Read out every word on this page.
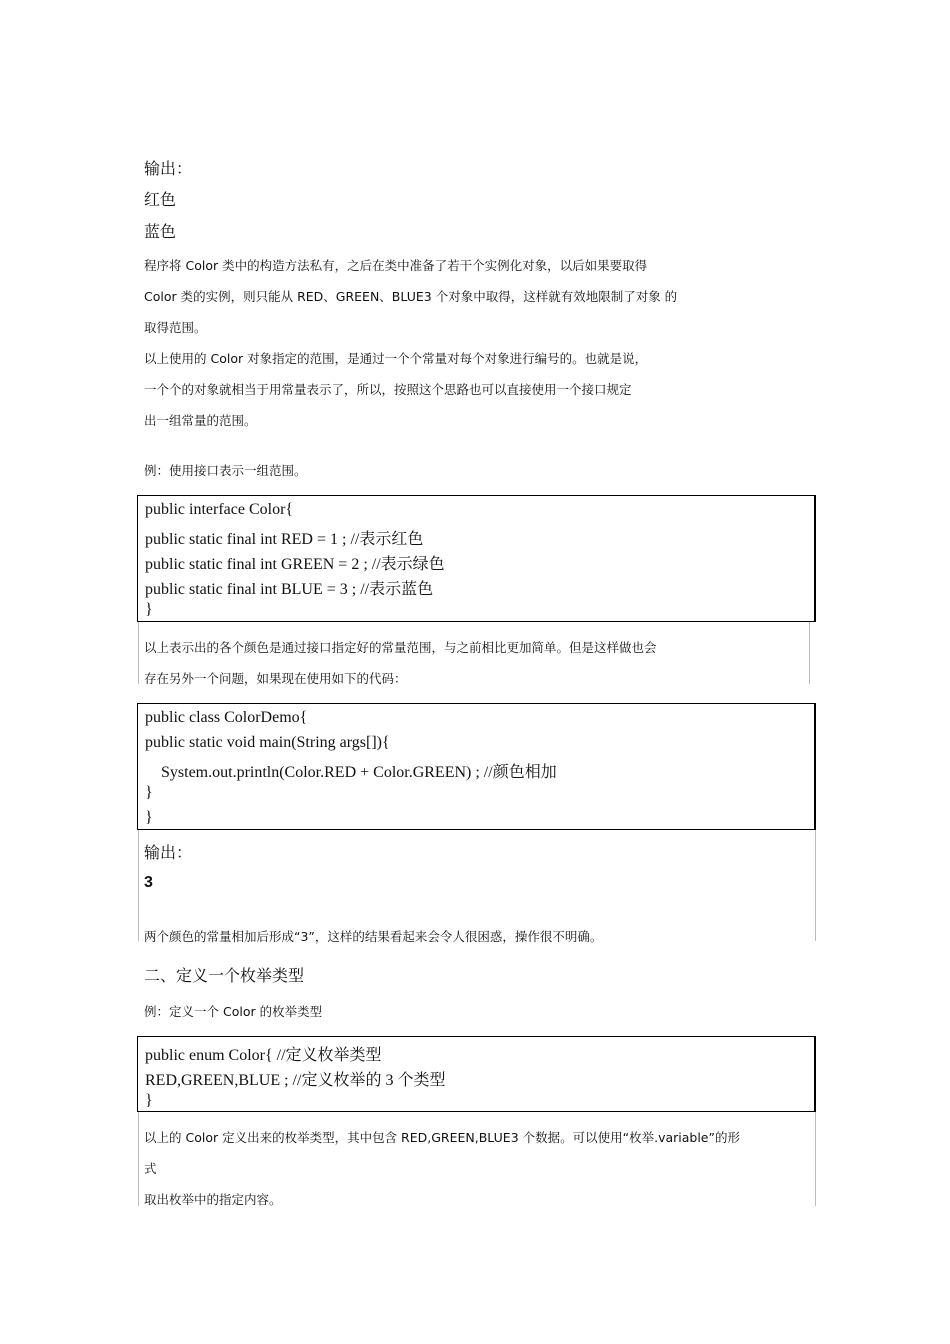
输出：
红色
蓝色
程序将 Color 类中的构造方法私有，之后在类中准备了若干个实例化对象，以后如果要取得
Color 类的实例，则只能从 RED、GREEN、BLUE3 个对象中取得，这样就有效地限制了对象 的
取得范围。
以上使用的 Color 对象指定的范围，是通过一个个常量对每个对象进行编号的。也就是说，
一个个的对象就相当于用常量表示了，所以，按照这个思路也可以直接使用一个接口规定
出一组常量的范围。
例：使用接口表示一组范围。
public interface Color{
public static final int RED = 1 ; //表示红色
public static final int GREEN = 2 ; //表示绿色
public static final int BLUE = 3 ; //表示蓝色
}
以上表示出的各个颜色是通过接口指定好的常量范围，与之前相比更加简单。但是这样做也会
存在另外一个问题，如果现在使用如下的代码：
public class ColorDemo{
public static void main(String args[]){
System.out.println(Color.RED + Color.GREEN) ; //颜色相加
}
}
输出：
3
两个颜色的常量相加后形成“3”，这样的结果看起来会令人很困惑，操作很不明确。
二、定义一个枚举类型
例：定义一个 Color 的枚举类型
public enum Color{ //定义枚举类型
RED,GREEN,BLUE ; //定义枚举的 3 个类型
}
以上的 Color 定义出来的枚举类型，其中包含 RED,GREEN,BLUE3 个数据。可以使用“枚举.variable”的形
式
取出枚举中的指定内容。
